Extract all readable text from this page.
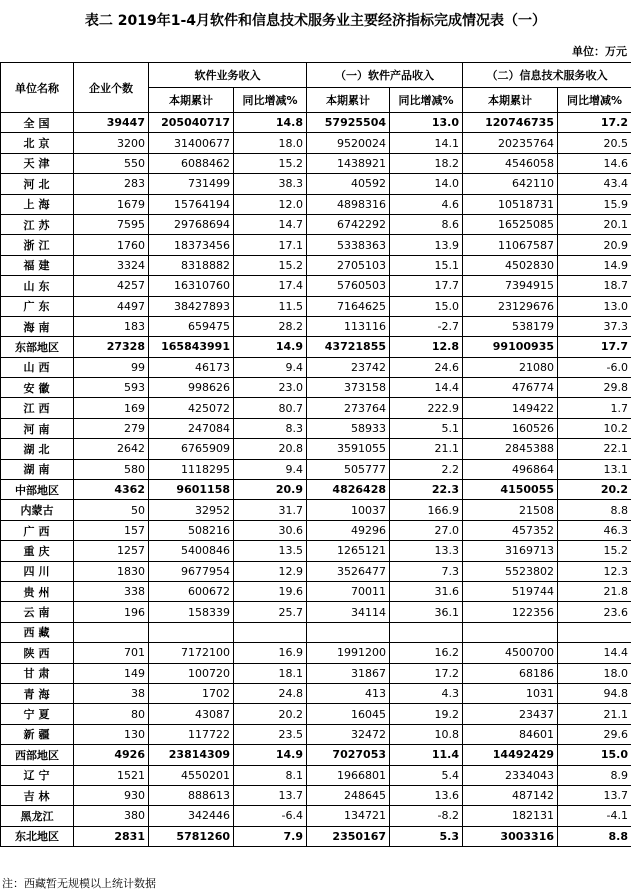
表二 2019年1-4月软件和信息技术服务业主要经济指标完成情况表（一）
单位：万元
单位名称	企业个数	软件业务收入		（一）软件产品收入		（二）信息技术服务收入	
		本期累计	同比增减%	本期累计	同比增减%	本期累计	同比增减%
全国	39447	205040717	14.8	57925504	13.0	120746735	17.2
北京	3200	31400677	18.0	9520024	14.1	20235764	20.5
天津	550	6088462	15.2	1438921	18.2	4546058	14.6
河北	283	731499	38.3	40592	14.0	642110	43.4
上海	1679	15764194	12.0	4898316	4.6	10518731	15.9
江苏	7595	29768694	14.7	6742292	8.6	16525085	20.1
浙江	1760	18373456	17.1	5338363	13.9	11067587	20.9
福建	3324	8318882	15.2	2705103	15.1	4502830	14.9
山东	4257	16310760	17.4	5760503	17.7	7394915	18.7
广东	4497	38427893	11.5	7164625	15.0	23129676	13.0
海南	183	659475	28.2	113116	-2.7	538179	37.3
东部地区	27328	165843991	14.9	43721855	12.8	99100935	17.7
山西	99	46173	9.4	23742	24.6	21080	-6.0
安徽	593	998626	23.0	373158	14.4	476774	29.8
江西	169	425072	80.7	273764	222.9	149422	1.7
河南	279	247084	8.3	58933	5.1	160526	10.2
湖北	2642	6765909	20.8	3591055	21.1	2845388	22.1
湖南	580	1118295	9.4	505777	2.2	496864	13.1
中部地区	4362	9601158	20.9	4826428	22.3	4150055	20.2
内蒙古	50	32952	31.7	10037	166.9	21508	8.8
广西	157	508216	30.6	49296	27.0	457352	46.3
重庆	1257	5400846	13.5	1265121	13.3	3169713	15.2
四川	1830	9677954	12.9	3526477	7.3	5523802	12.3
贵州	338	600672	19.6	70011	31.6	519744	21.8
云南	196	158339	25.7	34114	36.1	122356	23.6
西藏							
陕西	701	7172100	16.9	1991200	16.2	4500700	14.4
甘肃	149	100720	18.1	31867	17.2	68186	18.0
青海	38	1702	24.8	413	4.3	1031	94.8
宁夏	80	43087	20.2	16045	19.2	23437	21.1
新疆	130	117722	23.5	32472	10.8	84601	29.6
西部地区	4926	23814309	14.9	7027053	11.4	14492429	15.0
辽宁	1521	4550201	8.1	1966801	5.4	2334043	8.9
吉林	930	888613	13.7	248645	13.6	487142	13.7
黑龙江	380	342446	-6.4	134721	-8.2	182131	-4.1
东北地区	2831	5781260	7.9	2350167	5.3	3003316	8.8
注：西藏暂无规模以上统计数据
